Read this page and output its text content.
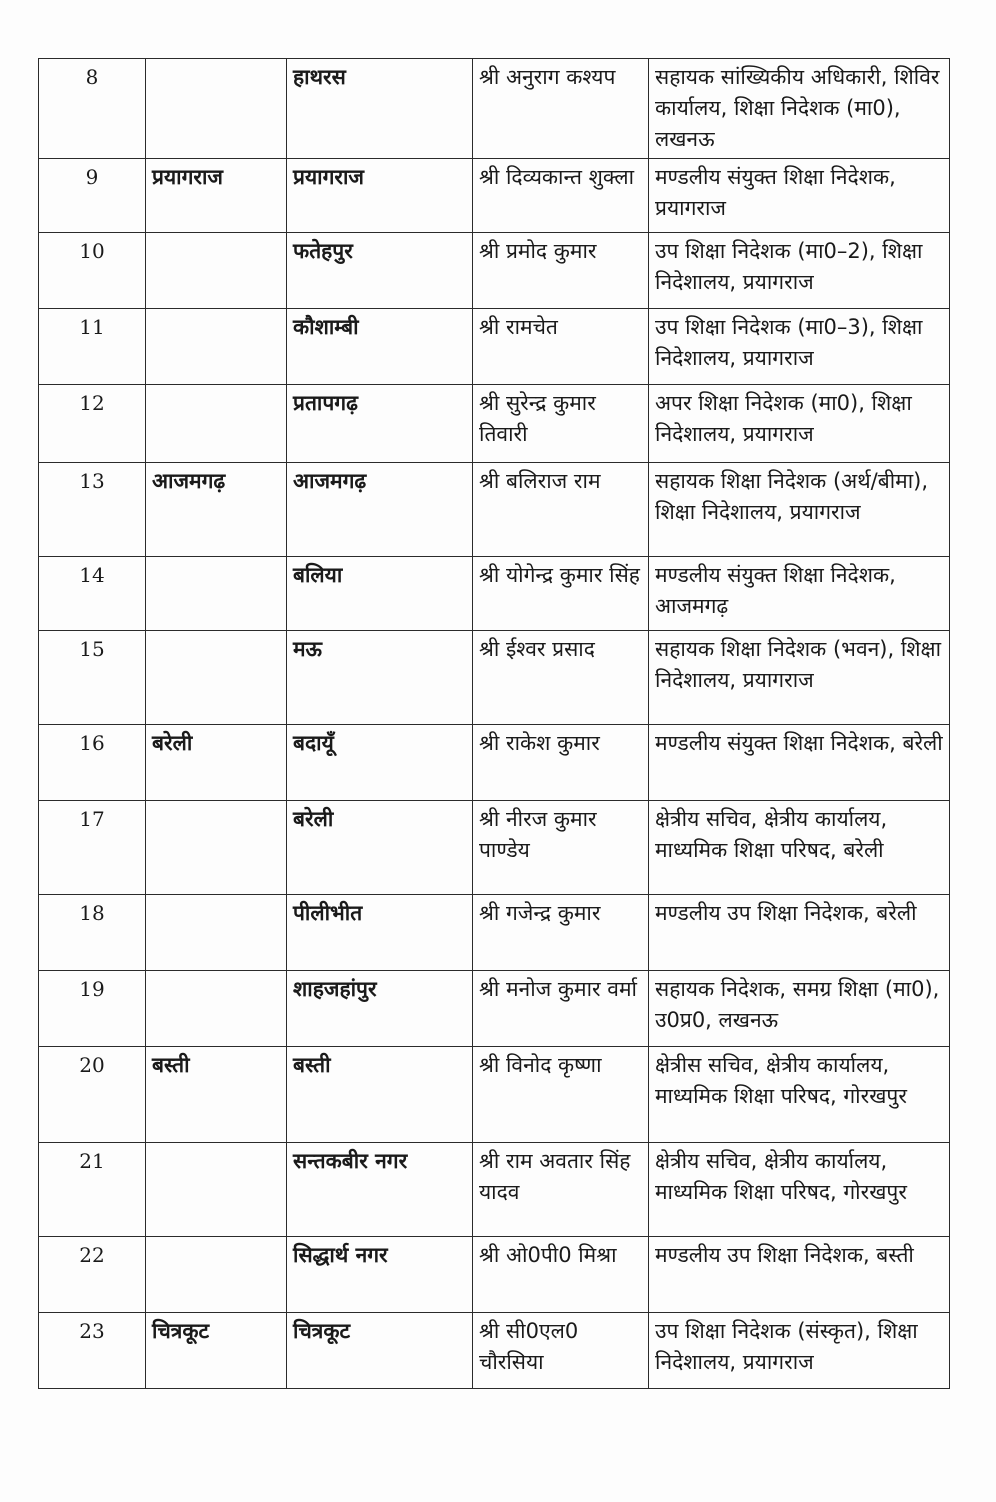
8		हाथरस	श्री अनुराग कश्यप	सहायक सांख्यिकीय अधिकारी, शिविर कार्यालय, शिक्षा निदेशक (मा0), लखनऊ
9	प्रयागराज	प्रयागराज	श्री दिव्यकान्त शुक्ला	मण्डलीय संयुक्त शिक्षा निदेशक, प्रयागराज
10		फतेहपुर	श्री प्रमोद कुमार	उप शिक्षा निदेशक (मा0–2), शिक्षा निदेशालय, प्रयागराज
11		कौशाम्बी	श्री रामचेत	उप शिक्षा निदेशक (मा0–3), शिक्षा निदेशालय, प्रयागराज
12		प्रतापगढ़	श्री सुरेन्द्र कुमार तिवारी	अपर शिक्षा निदेशक (मा0), शिक्षा निदेशालय, प्रयागराज
13	आजमगढ़	आजमगढ़	श्री बलिराज राम	सहायक शिक्षा निदेशक (अर्थ/बीमा), शिक्षा निदेशालय, प्रयागराज
14		बलिया	श्री योगेन्द्र कुमार सिंह	मण्डलीय संयुक्त शिक्षा निदेशक, आजमगढ़
15		मऊ	श्री ईश्वर प्रसाद	सहायक शिक्षा निदेशक (भवन), शिक्षा निदेशालय, प्रयागराज
16	बरेली	बदायूँ	श्री राकेश कुमार	मण्डलीय संयुक्त शिक्षा निदेशक, बरेली
17		बरेली	श्री नीरज कुमार पाण्डेय	क्षेत्रीय सचिव, क्षेत्रीय कार्यालय, माध्यमिक शिक्षा परिषद, बरेली
18		पीलीभीत	श्री गजेन्द्र कुमार	मण्डलीय उप शिक्षा निदेशक, बरेली
19		शाहजहांपुर	श्री मनोज कुमार वर्मा	सहायक निदेशक, समग्र शिक्षा (मा0), उ0प्र0, लखनऊ
20	बस्ती	बस्ती	श्री विनोद कृष्णा	क्षेत्रीस सचिव, क्षेत्रीय कार्यालय, माध्यमिक शिक्षा परिषद, गोरखपुर
21		सन्तकबीर नगर	श्री राम अवतार सिंह यादव	क्षेत्रीय सचिव, क्षेत्रीय कार्यालय, माध्यमिक शिक्षा परिषद, गोरखपुर
22		सिद्धार्थ नगर	श्री ओ0पी0 मिश्रा	मण्डलीय उप शिक्षा निदेशक, बस्ती
23	चित्रकूट	चित्रकूट	श्री सी0एल0 चौरसिया	उप शिक्षा निदेशक (संस्कृत), शिक्षा निदेशालय, प्रयागराज
